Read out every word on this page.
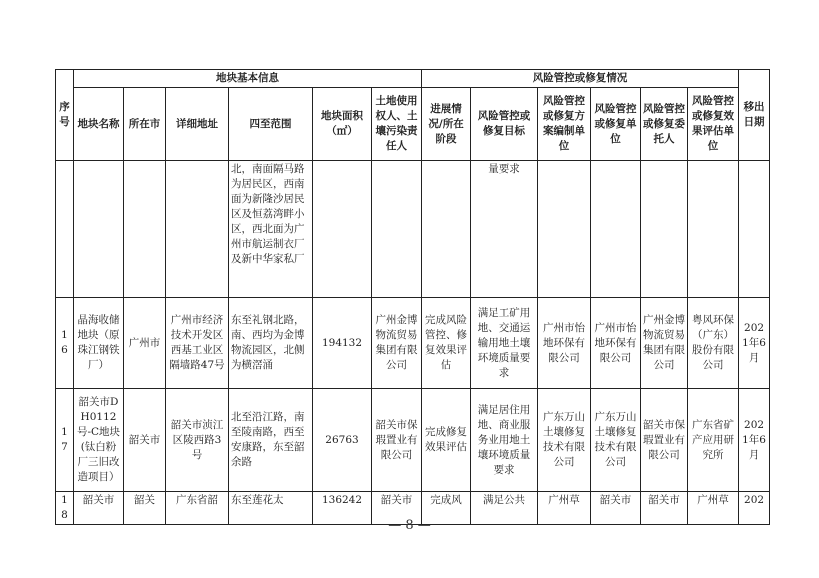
序号	地块基本信息						风险管控或修复情况						移出日期
	地块名称	所在市	详细地址	四至范围	地块面积（㎡）	土地使用权人、土壤污染责任人	进展情况/所在阶段	风险管控或修复目标	风险管控或修复方案编制单位	风险管控或修复单位	风险管控或修复委托人	风险管控或修复效果评估单位	
				北，南面隔马路为居民区，西南面为新隆沙居民区及恒荔湾畔小区，西北面为广州市航运制衣厂及新中华家私厂				量要求					
16	晶海收储地块（原珠江钢铁厂）	广州市	广州市经济技术开发区西基工业区隔墙路47号	东至礼钢北路，南、西均为金博物流园区，北侧为横滘涌	194132	广州金博物流贸易集团有限公司	完成风险管控、修复效果评估	满足工矿用地、交通运输用地土壤环境质量要求	广州市怡地环保有限公司	广州市怡地环保有限公司	广州金博物流贸易集团有限公司	粤风环保（广东）股份有限公司	2021年6月
17	韶关市DH0112号-C地块(钛白粉厂三旧改造项目）	韶关市	韶关市浈江区陵西路3号	北至沿江路，南至陵南路，西至安康路，东至韶余路	26763	韶关市保瑕置业有限公司	完成修复效果评估	满足居住用地、商业服务业用地土壤环境质量要求	广东万山土壤修复技术有限公司	广东万山土壤修复技术有限公司	韶关市保瑕置业有限公司	广东省矿产应用研究所	2021年6月
18	韶关市	韶关	广东省韶	东至莲花太	136242	韶关市	完成风	满足公共	广州草	韶关市	韶关市	广州草	202
— 8 —
